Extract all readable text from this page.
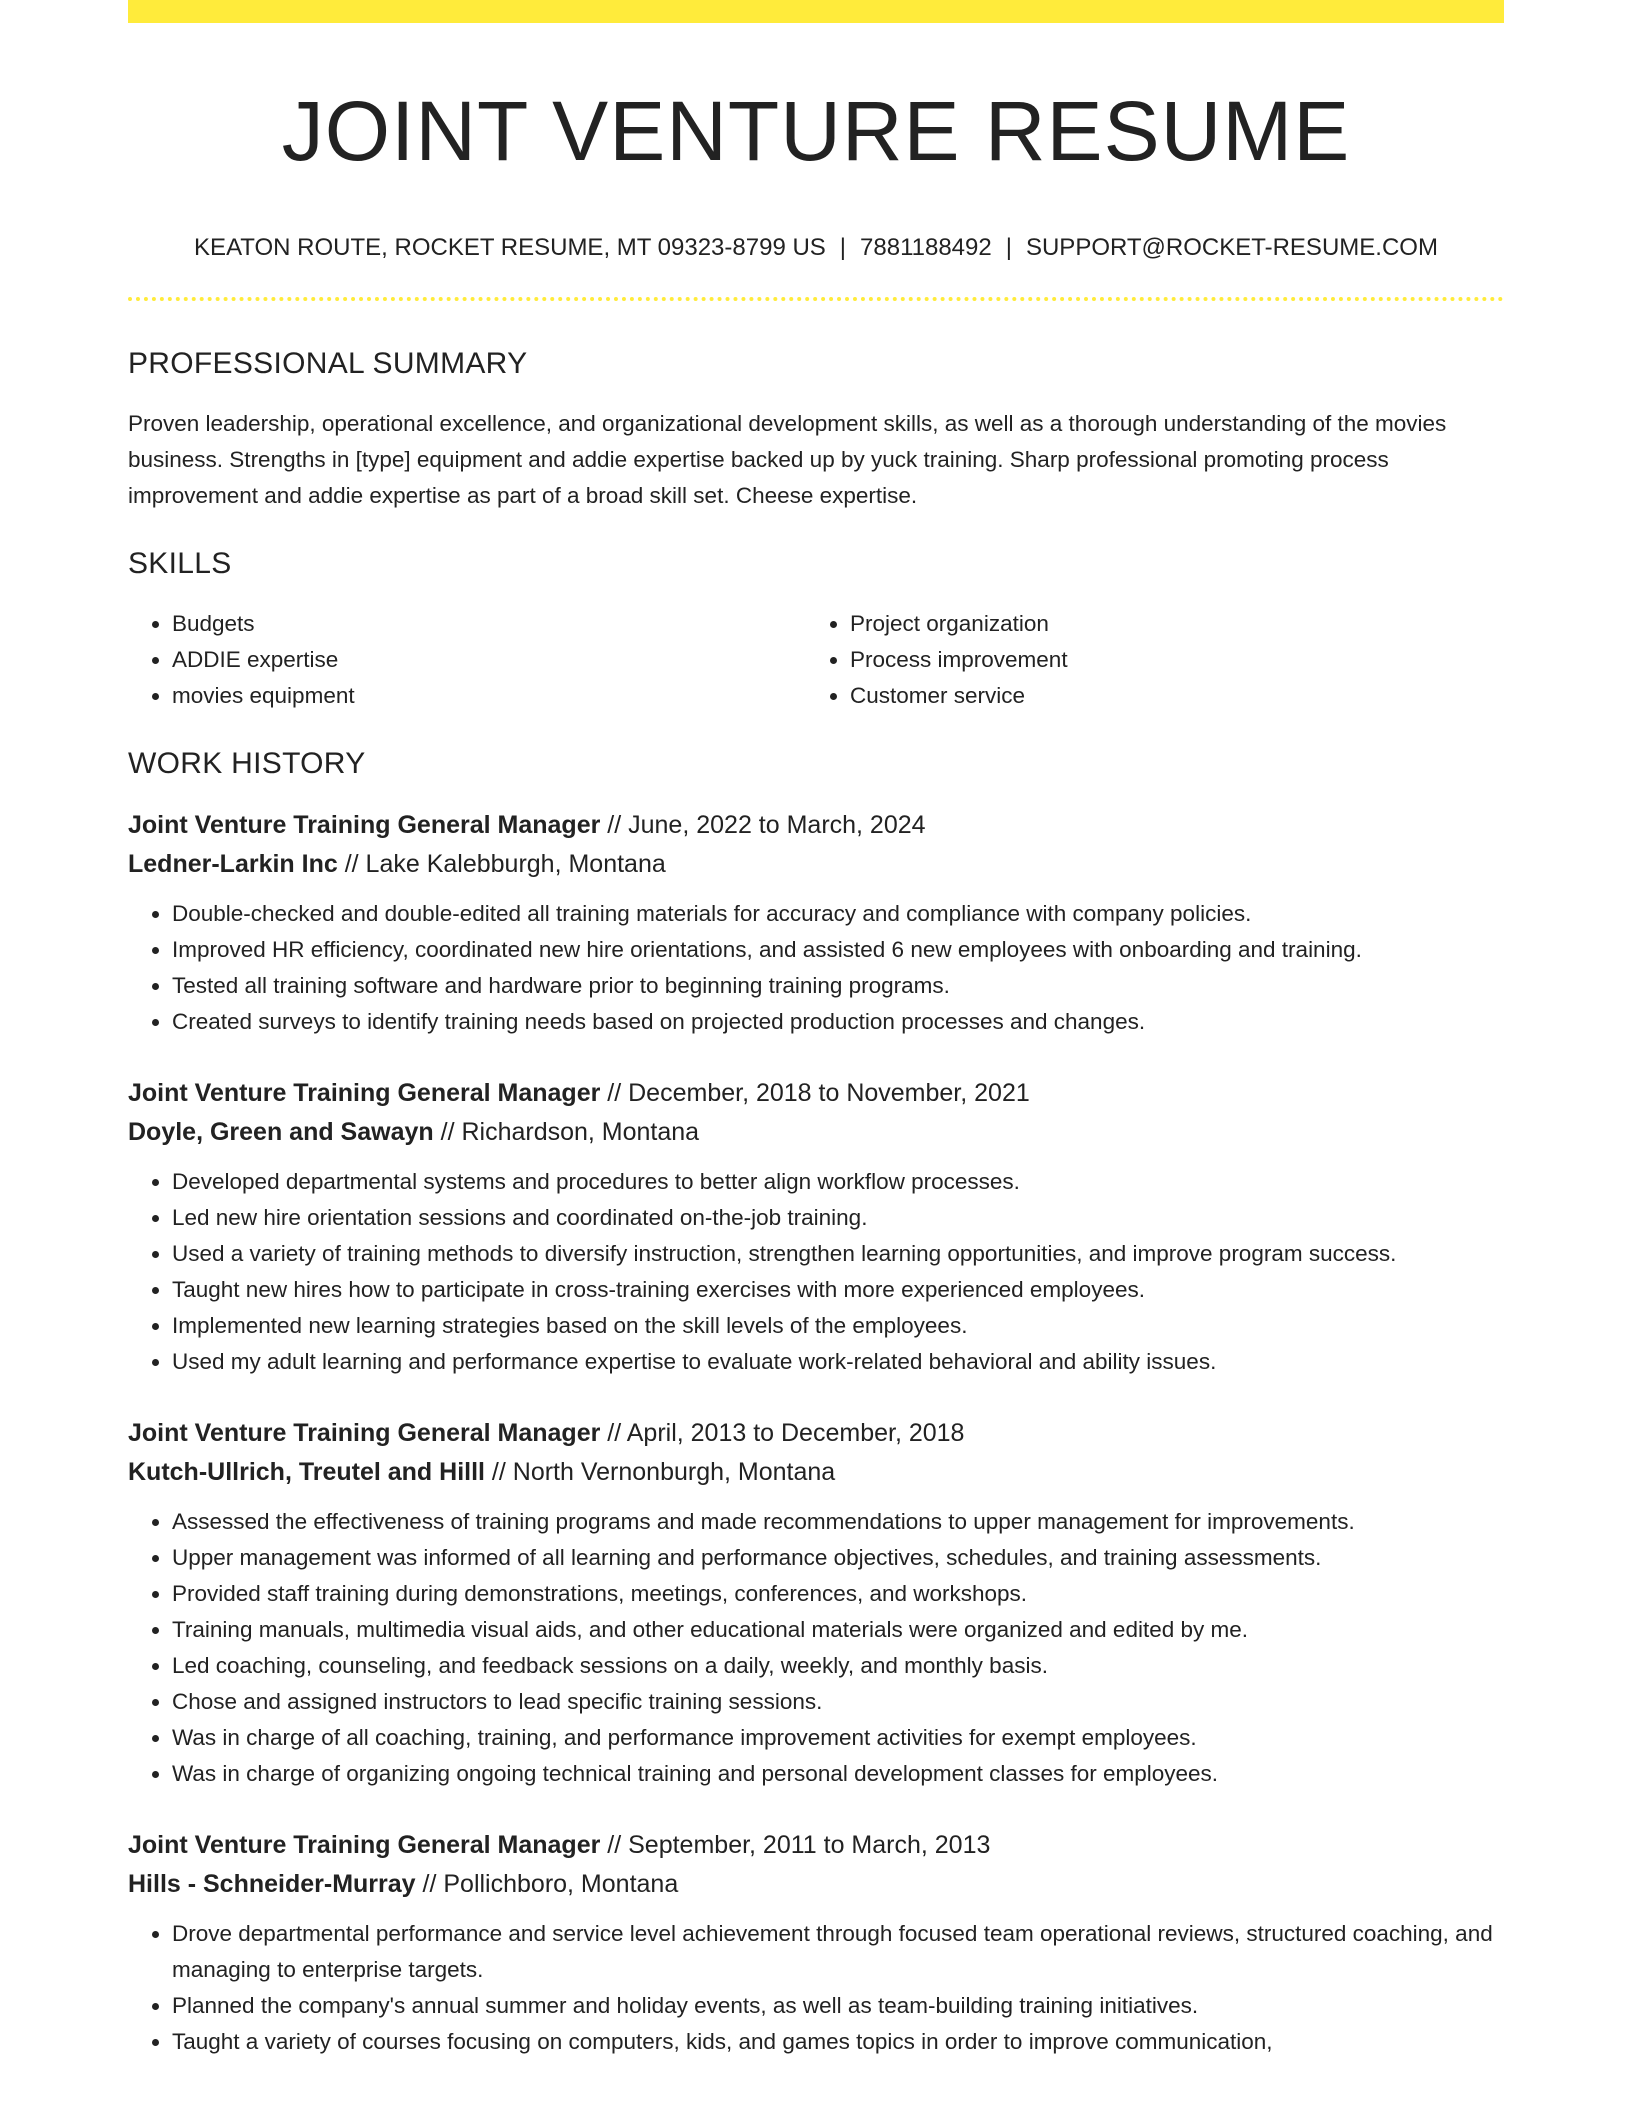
JOINT VENTURE RESUME
KEATON ROUTE, ROCKET RESUME, MT 09323-8799 US | 7881188492 | SUPPORT@ROCKET-RESUME.COM
PROFESSIONAL SUMMARY

Proven leadership, operational excellence, and organizational development skills, as well as a thorough understanding of the movies business. Strengths in [type] equipment and addie expertise backed up by yuck training. Sharp professional promoting process improvement and addie expertise as part of a broad skill set. Cheese expertise.

SKILLS
• Budgets
• ADDIE expertise
• movies equipment
• Project organization
• Process improvement
• Customer service
WORK HISTORY
Joint Venture Training General Manager // June, 2022 to March, 2024
Ledner-Larkin Inc // Lake Kalebburgh, Montana
• Double-checked and double-edited all training materials for accuracy and compliance with company policies.
• Improved HR efficiency, coordinated new hire orientations, and assisted 6 new employees with onboarding and training.
• Tested all training software and hardware prior to beginning training programs.
• Created surveys to identify training needs based on projected production processes and changes.
Joint Venture Training General Manager // December, 2018 to November, 2021
Doyle, Green and Sawayn // Richardson, Montana
• Developed departmental systems and procedures to better align workflow processes.
• Led new hire orientation sessions and coordinated on-the-job training.
• Used a variety of training methods to diversify instruction, strengthen learning opportunities, and improve program success.
• Taught new hires how to participate in cross-training exercises with more experienced employees.
• Implemented new learning strategies based on the skill levels of the employees.
• Used my adult learning and performance expertise to evaluate work-related behavioral and ability issues.
Joint Venture Training General Manager // April, 2013 to December, 2018
Kutch-Ullrich, Treutel and Hilll // North Vernonburgh, Montana
• Assessed the effectiveness of training programs and made recommendations to upper management for improvements.
• Upper management was informed of all learning and performance objectives, schedules, and training assessments.
• Provided staff training during demonstrations, meetings, conferences, and workshops.
• Training manuals, multimedia visual aids, and other educational materials were organized and edited by me.
• Led coaching, counseling, and feedback sessions on a daily, weekly, and monthly basis.
• Chose and assigned instructors to lead specific training sessions.
• Was in charge of all coaching, training, and performance improvement activities for exempt employees.
• Was in charge of organizing ongoing technical training and personal development classes for employees.
Joint Venture Training General Manager // September, 2011 to March, 2013
Hills - Schneider-Murray // Pollichboro, Montana
• Drove departmental performance and service level achievement through focused team operational reviews, structured coaching, and managing to enterprise targets.
• Planned the company's annual summer and holiday events, as well as team-building training initiatives.
• Taught a variety of courses focusing on computers, kids, and games topics in order to improve communication,
